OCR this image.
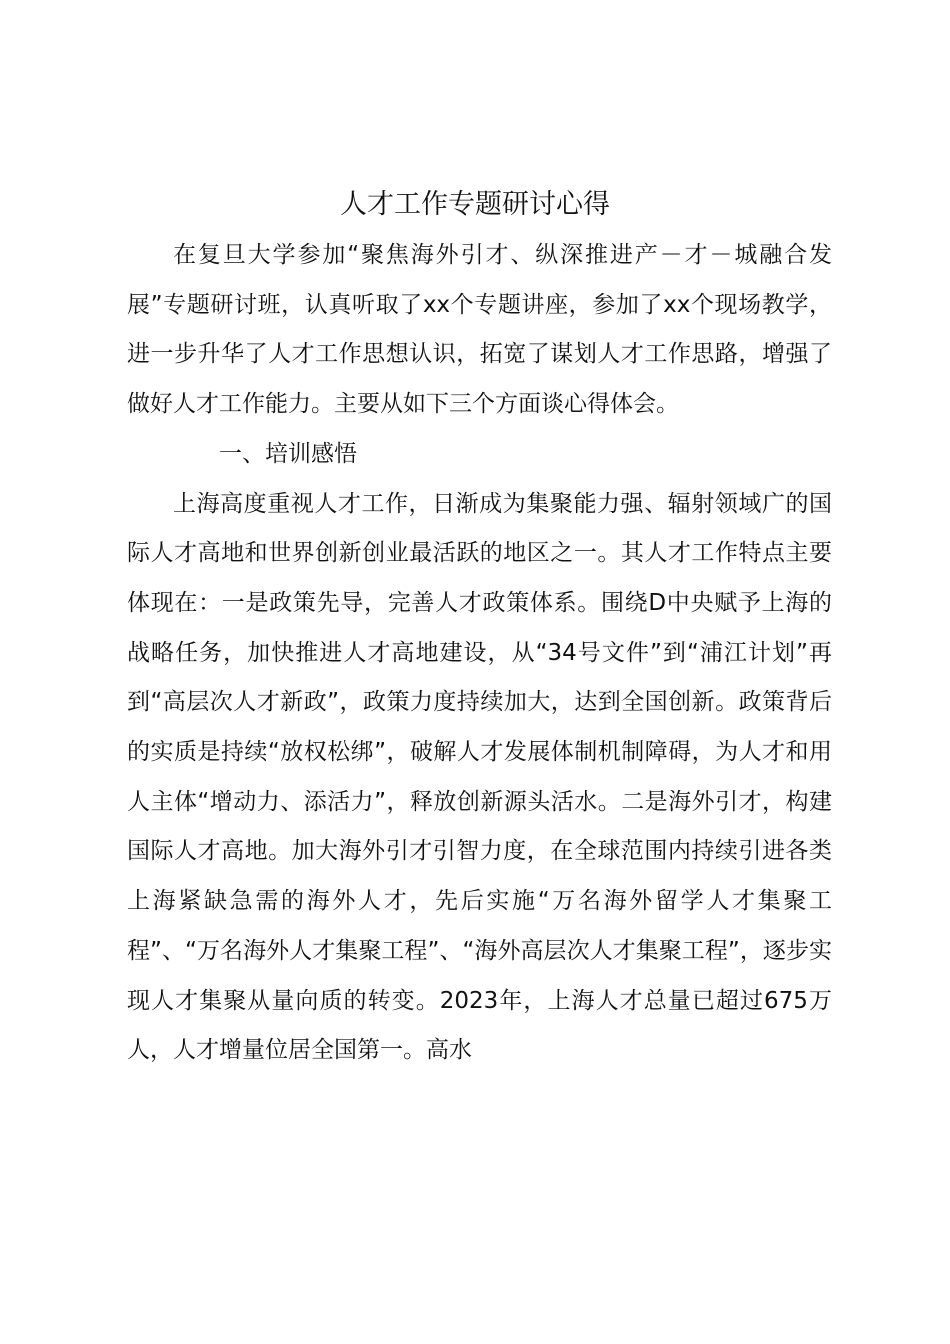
人才工作专题研讨心得

在复旦大学参加“聚焦海外引才、纵深推进产－才－城融合发展”专题研讨班，认真听取了xx个专题讲座，参加了xx个现场教学，进一步升华了人才工作思想认识，拓宽了谋划人才工作思路，增强了做好人才工作能力。主要从如下三个方面谈心得体会。

　　一、培训感悟

上海高度重视人才工作，日渐成为集聚能力强、辐射领域广的国际人才高地和世界创新创业最活跃的地区之一。其人才工作特点主要体现在：一是政策先导，完善人才政策体系。围绕D中央赋予上海的战略任务，加快推进人才高地建设，从“34号文件”到“浦江计划”再到“高层次人才新政”，政策力度持续加大，达到全国创新。政策背后的实质是持续“放权松绑”，破解人才发展体制机制障碍，为人才和用人主体“增动力、添活力”，释放创新源头活水。二是海外引才，构建国际人才高地。加大海外引才引智力度，在全球范围内持续引进各类上海紧缺急需的海外人才，先后实施“万名海外留学人才集聚工程”、“万名海外人才集聚工程”、“海外高层次人才集聚工程”，逐步实现人才集聚从量向质的转变。2023年，上海人才总量已超过675万人，人才增量位居全国第一。高水
